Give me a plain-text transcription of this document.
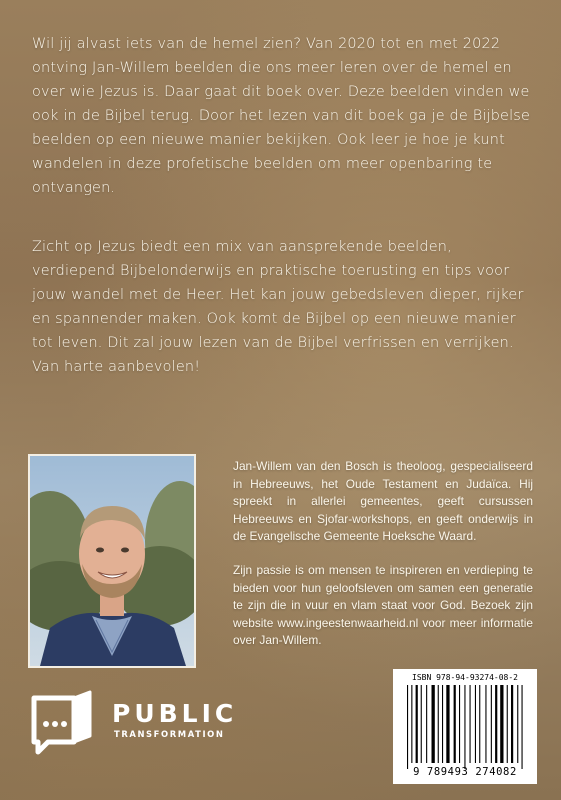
Wil jij alvast iets van de hemel zien? Van 2020 tot en met 2022 ontving Jan-Willem beelden die ons meer leren over de hemel en over wie Jezus is. Daar gaat dit boek over. Deze beelden vinden we ook in de Bijbel terug. Door het lezen van dit boek ga je de Bijbelse beelden op een nieuwe manier bekijken. Ook leer je hoe je kunt wandelen in deze profetische beelden om meer openbaring te ontvangen.

Zicht op Jezus biedt een mix van aansprekende beelden, verdiepend Bijbelonderwijs en praktische toerusting en tips voor jouw wandel met de Heer. Het kan jouw gebedsleven dieper, rijker en spannender maken. Ook komt de Bijbel op een nieuwe manier tot leven. Dit zal jouw lezen van de Bijbel verfrissen en verrijken. Van harte aanbevolen!

Jan-Willem van den Bosch is theoloog, gespecialiseerd in Hebreeuws, het Oude Testament en Judaïca. Hij spreekt in allerlei gemeentes, geeft cursussen Hebreeuws en Sjofar-workshops, en geeft onderwijs in de Evangelische Gemeente Hoeksche Waard.

Zijn passie is om mensen te inspireren en verdieping te bieden voor hun geloofsleven om samen een generatie te zijn die in vuur en vlam staat voor God. Bezoek zijn website www.ingeestenwaarheid.nl voor meer informatie over Jan-Willem.

PUBLIC
TRANSFORMATION
ISBN 978-94-93274-08-2
9 789493 274082
